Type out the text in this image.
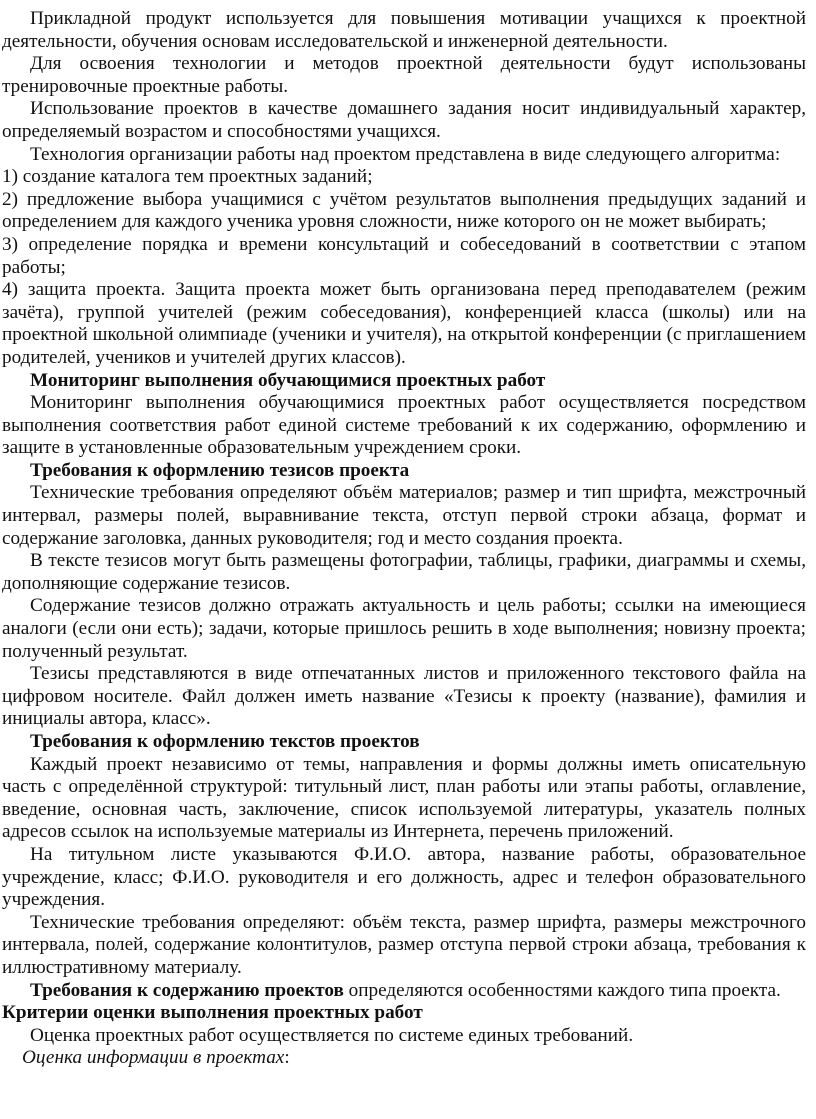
Прикладной продукт используется для повышения мотивации учащихся к проектной деятельности, обучения основам исследовательской и инженерной деятельности.

Для освоения технологии и методов проектной деятельности будут использованы тренировочные проектные работы.

Использование проектов в качестве домашнего задания носит индивидуальный характер, определяемый возрастом и способностями учащихся.

Технология организации работы над проектом представлена в виде следующего алгоритма:

1) создание каталога тем проектных заданий;

2) предложение выбора учащимися с учётом результатов выполнения предыдущих заданий и определением для каждого ученика уровня сложности, ниже которого он не может выбирать;

3) определение порядка и времени консультаций и собеседований в соответствии с этапом работы;

4) защита проекта. Защита проекта может быть организована перед преподавателем (режим зачёта), группой учителей (режим собеседования), конференцией класса (школы) или на проектной школьной олимпиаде (ученики и учителя), на открытой конференции (с приглашением родителей, учеников и учителей других классов).

Мониторинг выполнения обучающимися проектных работ

Мониторинг выполнения обучающимися проектных работ осуществляется посредством выполнения соответствия работ единой системе требований к их содержанию, оформлению и защите в установленные образовательным учреждением сроки.

Требования к оформлению тезисов проекта

Технические требования определяют объём материалов; размер и тип шрифта, межстрочный интервал, размеры полей, выравнивание текста, отступ первой строки абзаца, формат и содержание заголовка, данных руководителя; год и место создания проекта.

В тексте тезисов могут быть размещены фотографии, таблицы, графики, диаграммы и схемы, дополняющие содержание тезисов.

Содержание тезисов должно отражать актуальность и цель работы; ссылки на имеющиеся аналоги (если они есть); задачи, которые пришлось решить в ходе выполнения; новизну проекта; полученный результат.

Тезисы представляются в виде отпечатанных листов и приложенного текстового файла на цифровом носителе. Файл должен иметь название «Тезисы к проекту (название), фамилия и инициалы автора, класс».

Требования к оформлению текстов проектов

Каждый проект независимо от темы, направления и формы должны иметь описательную часть с определённой структурой: титульный лист, план работы или этапы работы, оглавление, введение, основная часть, заключение, список используемой литературы, указатель полных адресов ссылок на используемые материалы из Интернета, перечень приложений.

На титульном листе указываются Ф.И.О. автора, название работы, образовательное учреждение, класс; Ф.И.О. руководителя и его должность, адрес и телефон образовательного учреждения.

Технические требования определяют: объём текста, размер шрифта, размеры межстрочного интервала, полей, содержание колонтитулов, размер отступа первой строки абзаца, требования к иллюстративному материалу.

Требования к содержанию проектов определяются особенностями каждого типа проекта.

Критерии оценки выполнения проектных работ

Оценка проектных работ осуществляется по системе единых требований.

Оценка информации в проектах:
